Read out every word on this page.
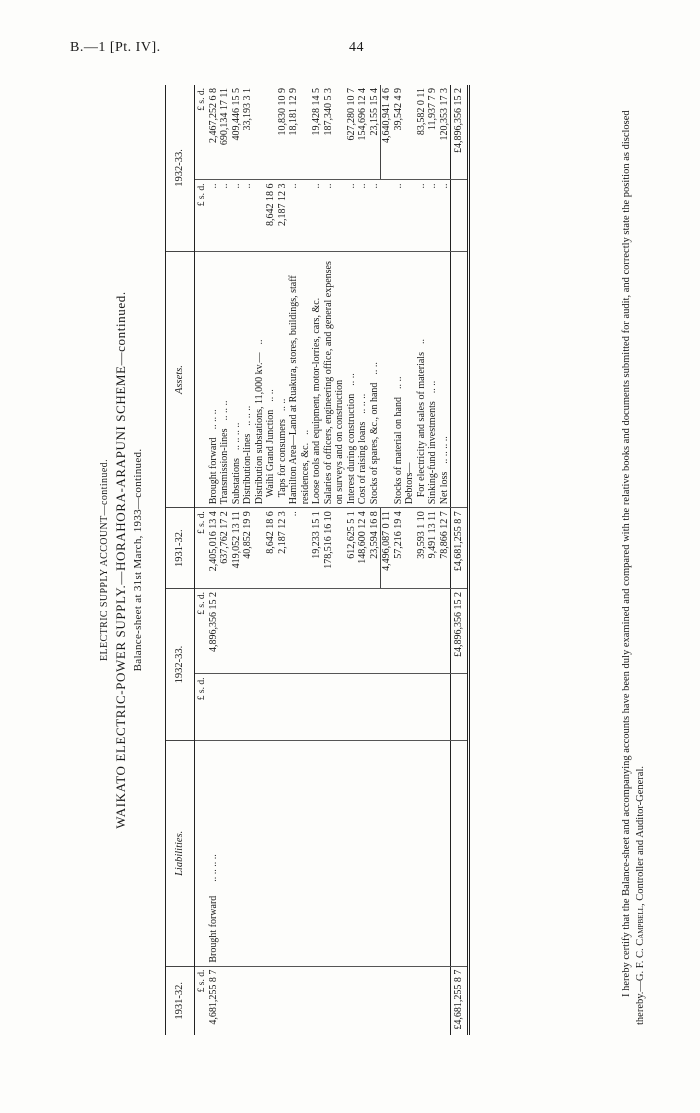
B.—1 [Pt. IV].	44
ELECTRIC SUPPLY ACCOUNT—continued. WAIKATO ELECTRIC-POWER SUPPLY.—HORAHORA-ARAPUNI SCHEME—continued. Balance-sheet at 31st March, 1933—continued.
1931-32.	Liabilities.	1932-33.		1931-32.	Assets.	1932-33.	
£ s. d.		£ s. d.	£ s. d.	£ s. d.		£ s. d.	£ s. d.
4,681,255 8 7	Brought forward.. .. .. ..		4,896,356 15 2	2,405,016 13 4	Brought forward.. .. ..	..	2,467,252 6 8
				637,762 17 2	Transmission-lines.. .. ..	..	690,134 17 11
				419,052 13 11	Substations.. .. .. ..	..	409,446 15 5
				40,852 19 9	Distribution-lines.. .. ..	..	33,193 3 1
					Distribution substations, 11,000 kv.—..		
				8,642 18 6	Waihi Grand Junction.. ..	8,642 18 6	
				2,187 12 3	Taps for consumers.. ..	2,187 12 3	10,830 10 9
				..	Hamilton Area—Land at Ruakura, stores, buildings, staff residences, &c...	..	18,181 12 9
				19,233 15 1	Loose tools and equipment, motor-lorries, cars, &c.	..	19,428 14 5
				178,516 16 10	Salaries of officers, engineering office, and general expenses on surveys and on construction	..	187,340 5 3
				612,625 5 1	Interest during construction.. ..	..	627,280 10 7
				148,600 12 4	Cost of raising loans.. .. ..	..	154,696 12 4
				23,594 16 8	Stocks of spares, &c., on hand.. ..	..	23,155 15 4
				4,496,087 0 11			4,640,941 4 6
				57,216 19 4	Stocks of material on hand.. ..	..	39,542 4 9
					Debtors—		
				39,593 1 10	For electricity and sales of materials..	..	83,582 0 11
				9,491 13 11	Sinking-fund investments.. ..	..	11,937 7 9
				78,866 12 7	Net loss.. .. .. ..	..	120,353 17 3
£4,681,255 8 7			£4,896,356 15 2	£4,681,255 8 7			£4,896,356 15 2	I hereby certify that the Balance-sheet and accompanying accounts have been duly examined and compared with the relative books and documents submitted for audit, and correctly state the position as disclosed thereby.—G. F. C. Campbell, Controller and Auditor-General.
